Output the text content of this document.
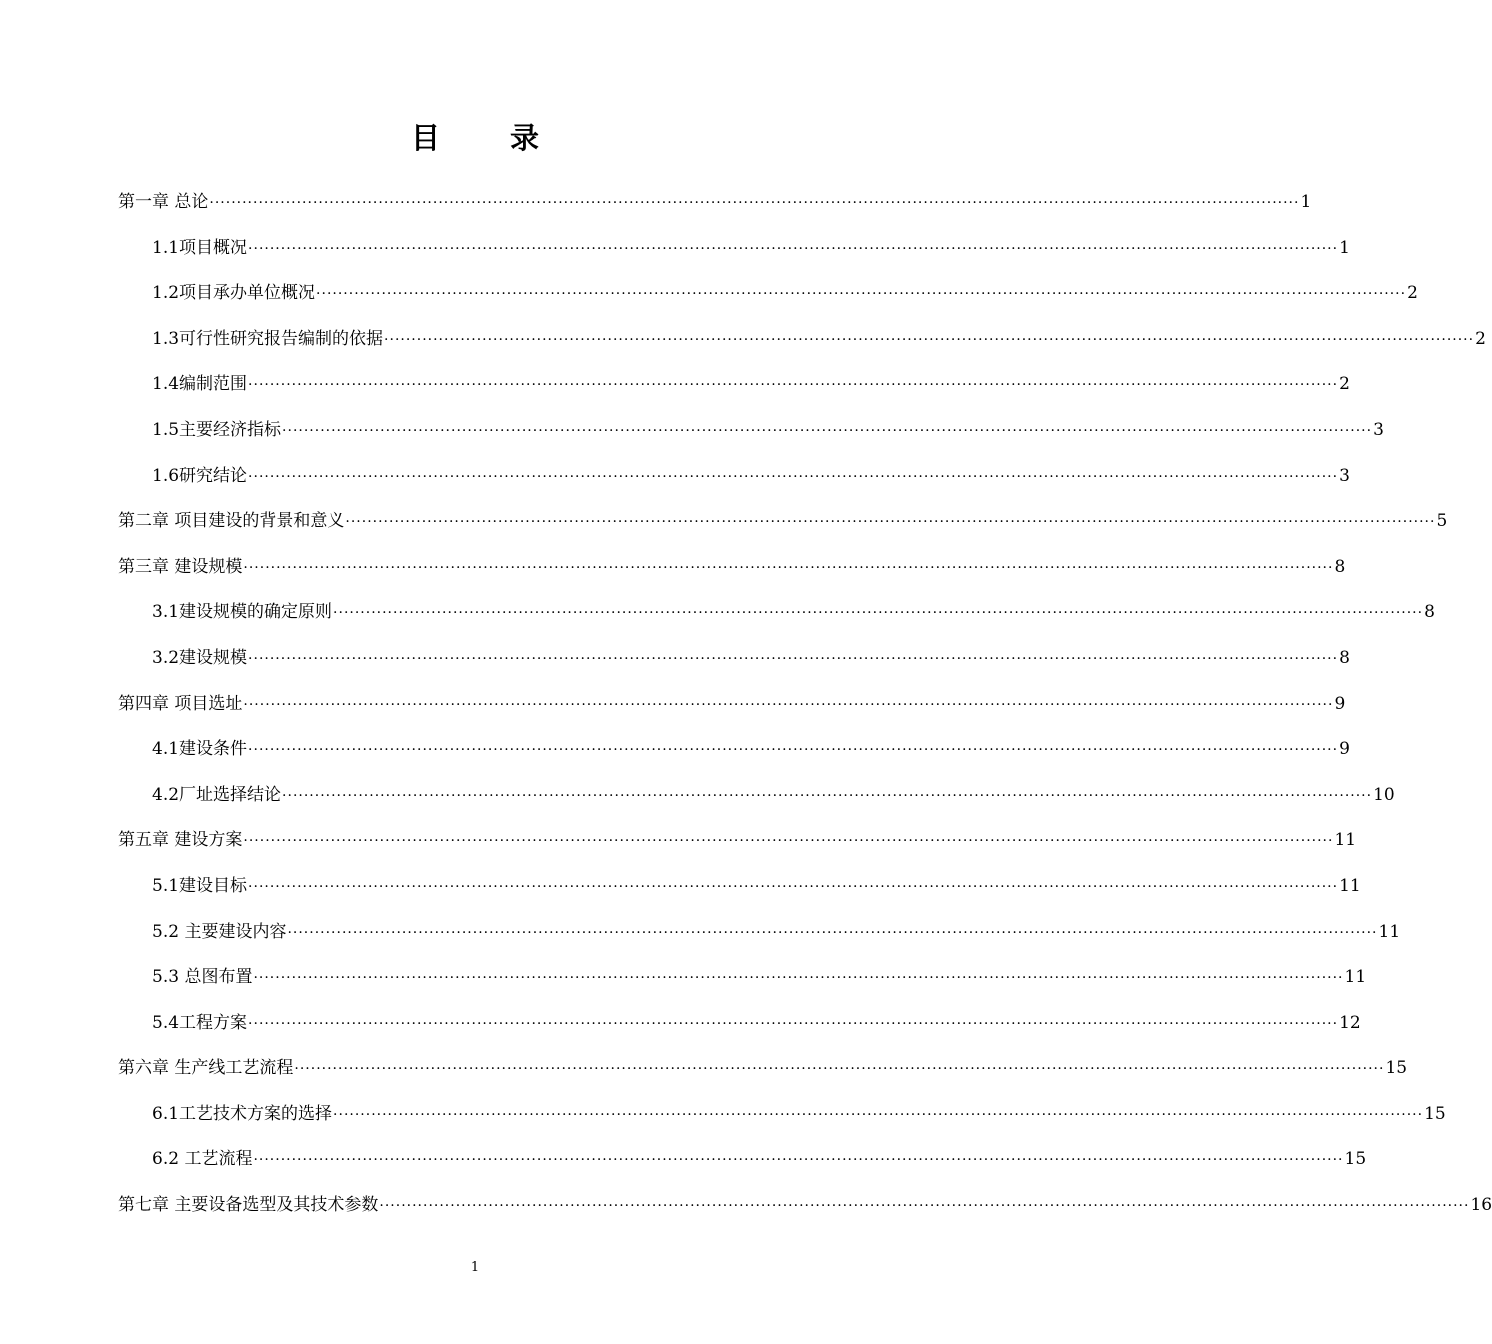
目 录
第一章 总论 ········································································································································································································ 1
1.1项目概况 ········································································································································································································ 1
1.2项目承办单位概况 ········································································································································································································ 2
1.3可行性研究报告编制的依据 ········································································································································································································ 2
1.4编制范围 ········································································································································································································ 2
1.5主要经济指标 ········································································································································································································ 3
1.6研究结论 ········································································································································································································ 3
第二章 项目建设的背景和意义 ········································································································································································································ 5
第三章 建设规模 ········································································································································································································ 8
3.1建设规模的确定原则 ········································································································································································································ 8
3.2建设规模 ········································································································································································································ 8
第四章 项目选址 ········································································································································································································ 9
4.1建设条件 ········································································································································································································ 9
4.2厂址选择结论 ········································································································································································································ 10
第五章 建设方案 ········································································································································································································ 11
5.1建设目标 ········································································································································································································ 11
5.2 主要建设内容 ········································································································································································································ 11
5.3 总图布置 ········································································································································································································ 11
5.4工程方案 ········································································································································································································ 12
第六章 生产线工艺流程 ········································································································································································································ 15
6.1工艺技术方案的选择 ········································································································································································································ 15
6.2 工艺流程 ········································································································································································································ 15
第七章 主要设备选型及其技术参数 ········································································································································································································ 16
1
